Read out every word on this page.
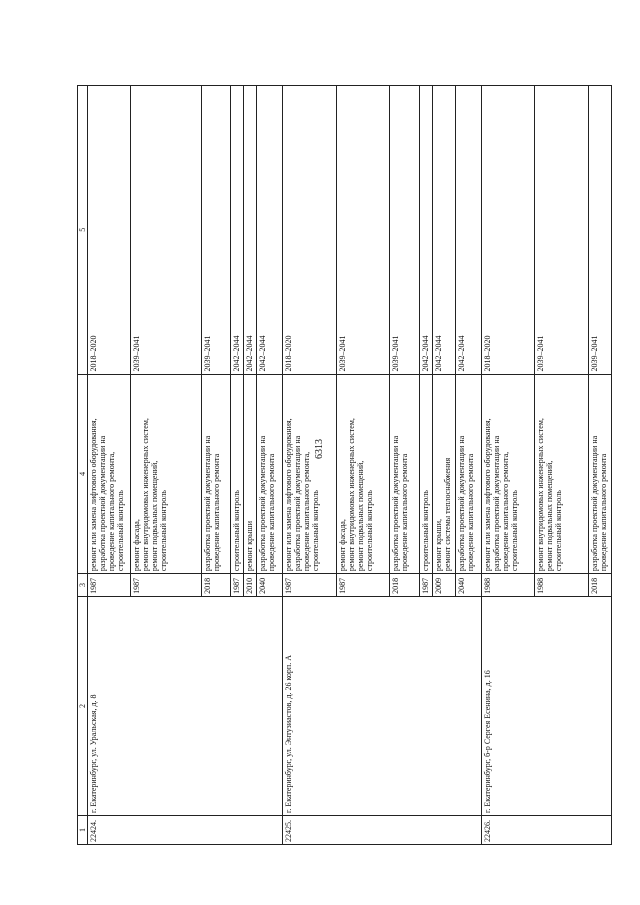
6313
1	2	3	4	5
22424.	г. Екатеринбург, ул. Уральская, д. 8	1987	ремонт или замена лифтового оборудования,
разработка проектной документации на
проведение капитального ремонта,
строительный контроль	2018–2020
		1987	ремонт фасада,
ремонт внутридомовых инженерных систем,
ремонт подвальных помещений,
строительный контроль	2039–2041
		2018	разработка проектной документации на
проведение капитального ремонта	2039–2041
		1987	строительный контроль	2042–2044
		2010	ремонт крыши	2042–2044
		2040	разработка проектной документации на
проведение капитального ремонта	2042–2044
22425.	г. Екатеринбург, ул. Энтузиастов, д. 26 корп. А	1987	ремонт или замена лифтового оборудования,
разработка проектной документации на
проведение капитального ремонта,
строительный контроль	2018–2020
		1987	ремонт фасада,
ремонт внутридомовых инженерных систем,
ремонт подвальных помещений,
строительный контроль	2039–2041
		2018	разработка проектной документации на
проведение капитального ремонта	2039–2041
		1987	строительный контроль	2042–2044
		2009	ремонт крыши,
ремонт системы теплоснабжения	2042–2044
		2040	разработка проектной документации на
проведение капитального ремонта	2042–2044
22426.	г. Екатеринбург, б-р Сергея Есенина, д. 16	1988	ремонт или замена лифтового оборудования,
разработка проектной документации на
проведение капитального ремонта,
строительный контроль	2018–2020
		1988	ремонт внутридомовых инженерных систем,
ремонт подвальных помещений,
строительный контроль	2039–2041
		2018	разработка проектной документации на
проведение капитального ремонта	2039–2041
